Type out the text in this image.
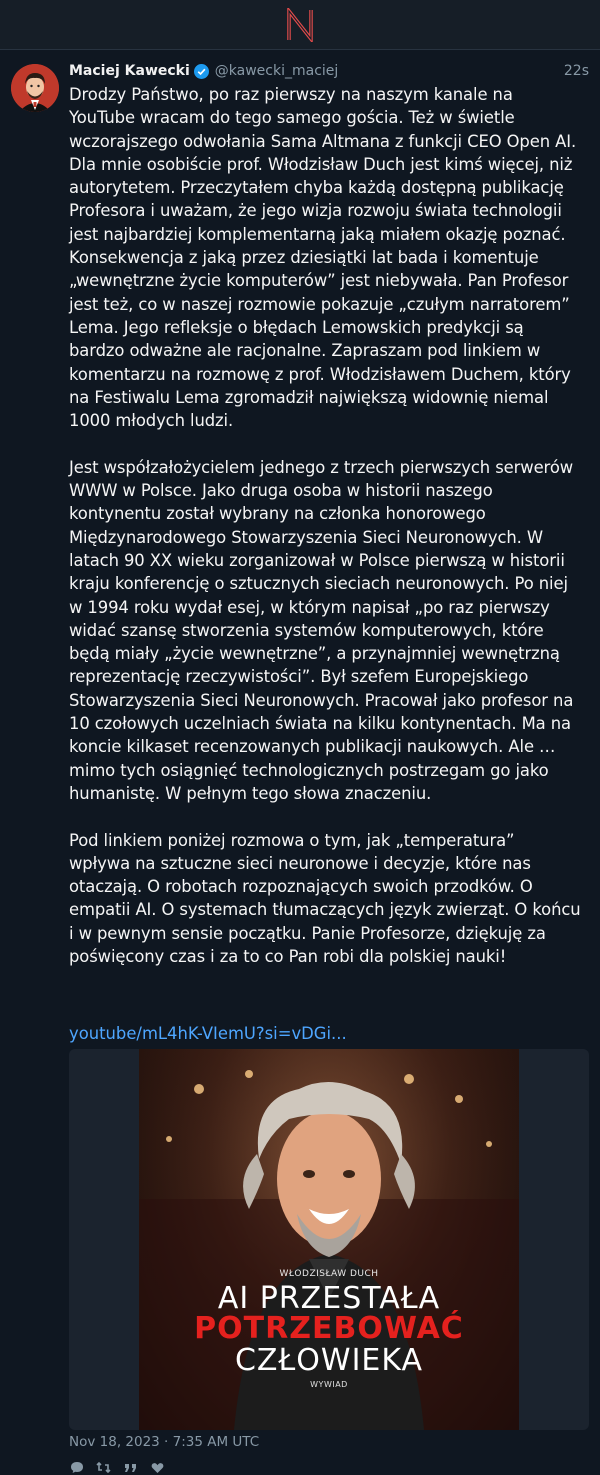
Maciej Kawecki @kawecki_maciej	22s
Drodzy Państwo, po raz pierwszy na naszym kanale na
YouTube wracam do tego samego gościa. Też w świetle
wczorajszego odwołania Sama Altmana z funkcji CEO Open AI.
Dla mnie osobiście prof. Włodzisław Duch jest kimś więcej, niż
autorytetem. Przeczytałem chyba każdą dostępną publikację
Profesora i uważam, że jego wizja rozwoju świata technologii
jest najbardziej komplementarną jaką miałem okazję poznać.
Konsekwencja z jaką przez dziesiątki lat bada i komentuje
„wewnętrzne życie komputerów” jest niebywała. Pan Profesor
jest też, co w naszej rozmowie pokazuje „czułym narratorem”
Lema. Jego refleksje o błędach Lemowskich predykcji są
bardzo odważne ale racjonalne. Zapraszam pod linkiem w
komentarzu na rozmowę z prof. Włodzisławem Duchem, który
na Festiwalu Lema zgromadził największą widownię niemal
1000 młodych ludzi.

Jest współzałożycielem jednego z trzech pierwszych serwerów
WWW w Polsce. Jako druga osoba w historii naszego
kontynentu został wybrany na członka honorowego
Międzynarodowego Stowarzyszenia Sieci Neuronowych. W
latach 90 XX wieku zorganizował w Polsce pierwszą w historii
kraju konferencję o sztucznych sieciach neuronowych. Po niej
w 1994 roku wydał esej, w którym napisał „po raz pierwszy
widać szansę stworzenia systemów komputerowych, które
będą miały „życie wewnętrzne”, a przynajmniej wewnętrzną
reprezentację rzeczywistości”. Był szefem Europejskiego
Stowarzyszenia Sieci Neuronowych. Pracował jako profesor na
10 czołowych uczelniach świata na kilku kontynentach. Ma na
koncie kilkaset recenzowanych publikacji naukowych. Ale …
mimo tych osiągnięć technologicznych postrzegam go jako
humanistę. W pełnym tego słowa znaczeniu.

Pod linkiem poniżej rozmowa o tym, jak „temperatura”
wpływa na sztuczne sieci neuronowe i decyzje, które nas
otaczają. O robotach rozpoznających swoich przodków. O
empatii AI. O systemach tłumaczących język zwierząt. O końcu
i w pewnym sensie początku. Panie Profesorze, dziękuję za
poświęcony czas i za to co Pan robi dla polskiej nauki!
youtube/mL4hK-VIemU?si=vDGi...
WŁODZISŁAW DUCH
AI PRZESTAŁA
POTRZEBOWAĆ
CZŁOWIEKA
WYWIAD
Nov 18, 2023 · 7:35 AM UTC
